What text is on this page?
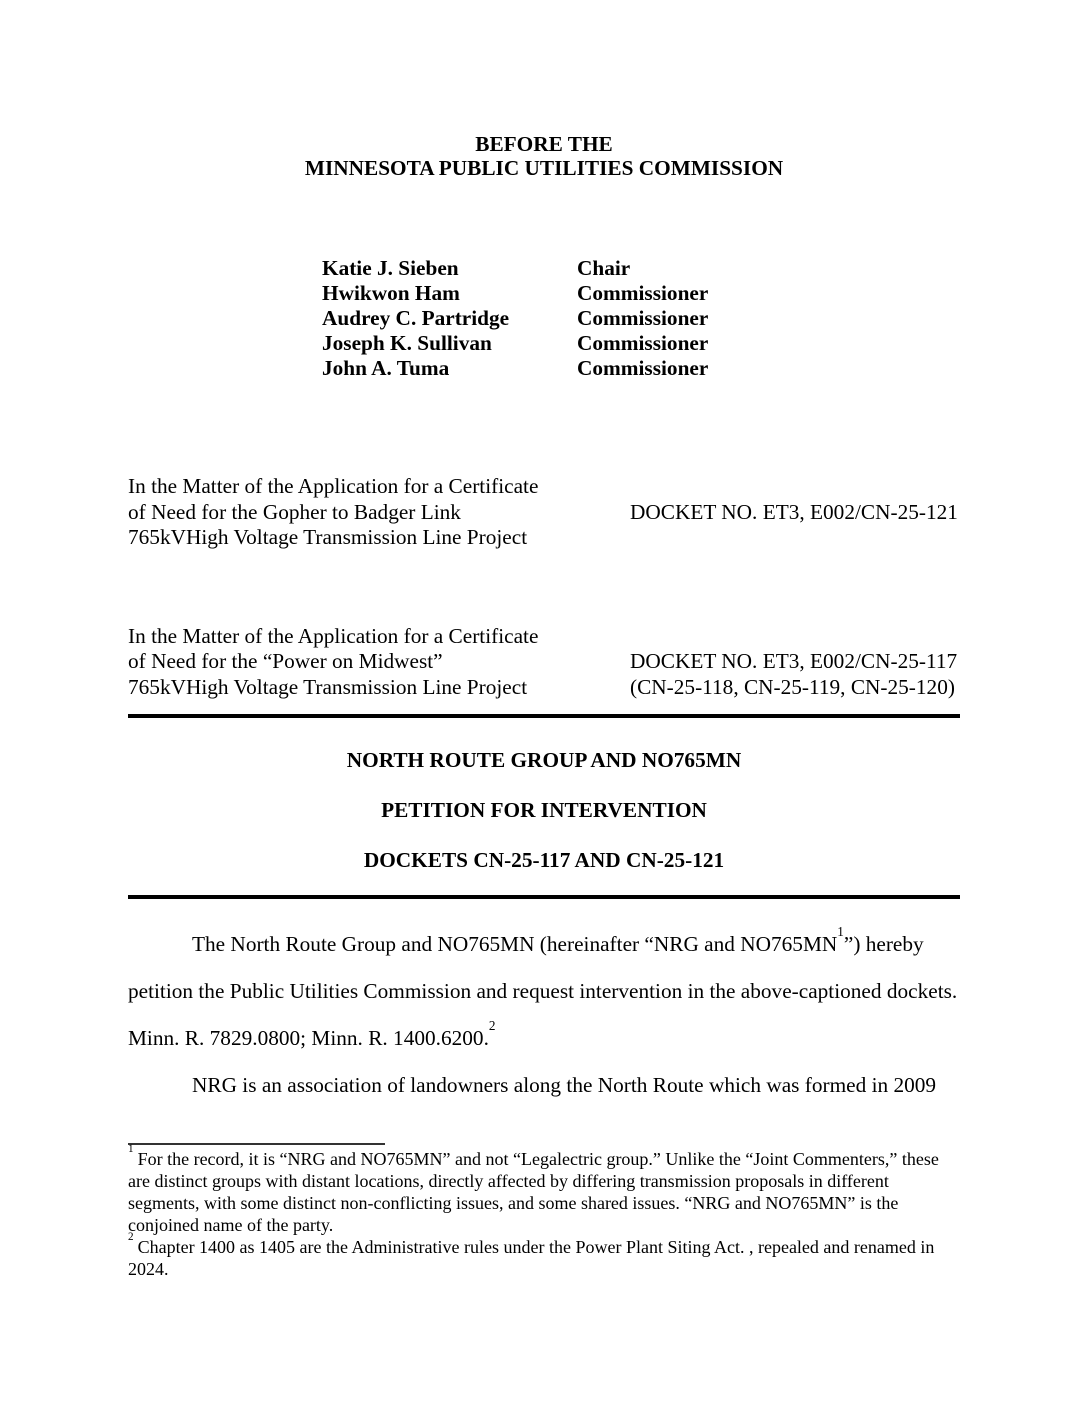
BEFORE THE
MINNESOTA PUBLIC UTILITIES COMMISSION
Katie J. Sieben	Chair
Hwikwon Ham	Commissioner
Audrey C. Partridge	Commissioner
Joseph K. Sullivan	Commissioner
John A. Tuma	Commissioner
In the Matter of the Application for a Certificate
of Need for the Gopher to Badger Link
765kVHigh Voltage Transmission Line Project
DOCKET NO. ET3, E002/CN-25-121
In the Matter of the Application for a Certificate
of Need for the “Power on Midwest”
765kVHigh Voltage Transmission Line Project
DOCKET NO. ET3, E002/CN-25-117
(CN-25-118, CN-25-119, CN-25-120)
NORTH ROUTE GROUP AND NO765MN
PETITION FOR INTERVENTION
DOCKETS CN-25-117 AND CN-25-121

The North Route Group and NO765MN (hereinafter “NRG and $NO765MN^1$”) hereby petition the Public Utilities Commission and request intervention in the above-captioned dockets. Minn. R. 7829.0800; Minn. R. 1400.6200.$^2$

NRG is an association of landowners along the North Route which was formed in 2009

$^1$ For the record, it is “NRG and NO765MN” and not “Legalectric group.” Unlike the “Joint Commenters,” these are distinct groups with distant locations, directly affected by differing transmission proposals in different segments, with some distinct non-conflicting issues, and some shared issues. “NRG and NO765MN” is the conjoined name of the party.

$^2$ Chapter 1400 as 1405 are the Administrative rules under the Power Plant Siting Act. , repealed and renamed in 2024.
